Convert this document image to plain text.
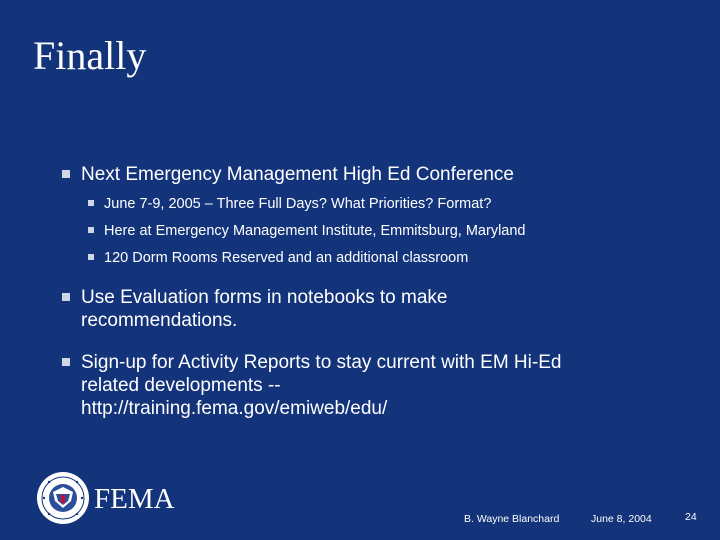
Finally
Next Emergency Management High Ed Conference
June 7-9, 2005 – Three Full Days? What Priorities? Format?
Here at Emergency Management Institute, Emmitsburg, Maryland
120 Dorm Rooms Reserved and an additional classroom
Use Evaluation forms in notebooks to make
recommendations.
Sign-up for Activity Reports to stay current with EM Hi-Ed
related developments --
http://training.fema.gov/emiweb/edu/
FEMA
B. Wayne Blanchard	June 8, 2004	24
